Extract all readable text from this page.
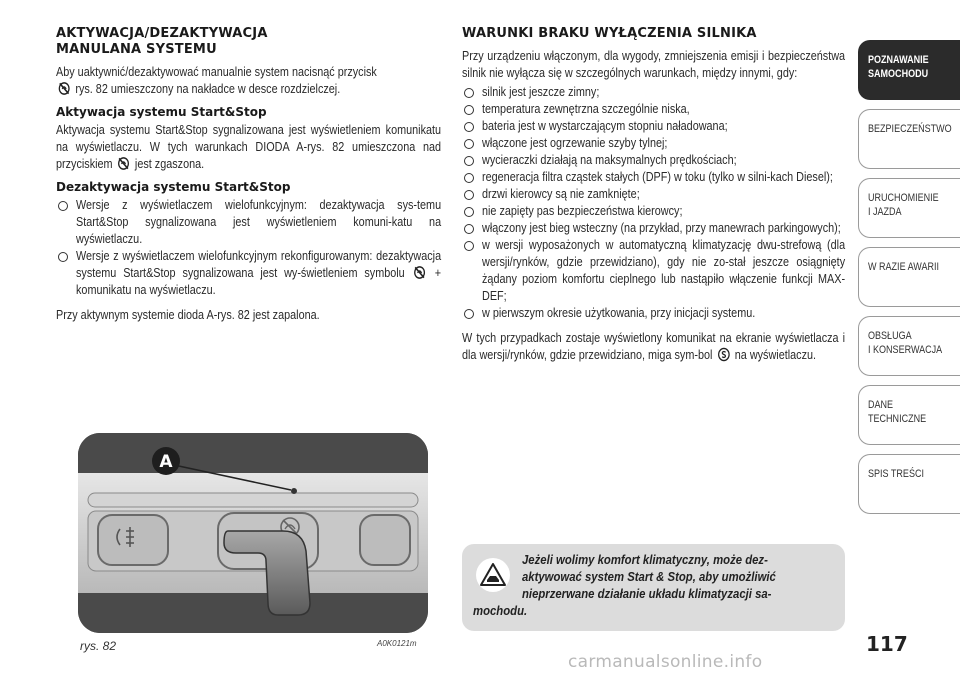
AKTYWACJA/DEZAKTYWACJA
MANULANA SYSTEMU

Aby uaktywnić/dezaktywować manualnie system nacisnąć przycisk
rys. 82 umieszczony na nakładce w desce rozdzielczej.

Aktywacja systemu Start&Stop

Aktywacja systemu Start&Stop sygnalizowana jest wyświetleniem komunikatu na wyświetlaczu. W tych warunkach DIODA A-rys. 82 umieszczona nad przyciskiem jest zgaszona.

Dezaktywacja systemu Start&Stop
Wersje z wyświetlaczem wielofunkcyjnym: dezaktywacja sys-temu Start&Stop sygnalizowana jest wyświetleniem komuni-katu na wyświetlaczu.
Wersje z wyświetlaczem wielofunkcyjnym rekonfigurowanym: dezaktywacja systemu Start&Stop sygnalizowana jest wy-świetleniem symbolu + komunikatu na wyświetlaczu.

Przy aktywnym systemie dioda A-rys. 82 jest zapalona.

A
rys. 82	A0K0121m
WARUNKI BRAKU WYŁĄCZENIA SILNIKA

Przy urządzeniu włączonym, dla wygody, zmniejszenia emisji i bezpieczeństwa silnik nie wyłącza się w szczególnych warunkach, między innymi, gdy:

silnik jest jeszcze zimny;
temperatura zewnętrzna szczególnie niska,
bateria jest w wystarczającym stopniu naładowana;
włączone jest ogrzewanie szyby tylnej;
wycieraczki działają na maksymalnych prędkościach;
regeneracja filtra cząstek stałych (DPF) w toku (tylko w silni-kach Diesel);
drzwi kierowcy są nie zamknięte;
nie zapięty pas bezpieczeństwa kierowcy;
włączony jest bieg wsteczny (na przykład, przy manewrach parkingowych);
w wersji wyposażonych w automatyczną klimatyzację dwu-strefową (dla wersji/rynków, gdzie przewidziano), gdy nie zo-stał jeszcze osiągnięty żądany poziom komfortu cieplnego lub nastąpiło włączenie funkcji MAX-DEF;
w pierwszym okresie użytkowania, przy inicjacji systemu.

W tych przypadkach zostaje wyświetlony komunikat na ekranie wyświetlacza i dla wersji/rynków, gdzie przewidziano, miga sym-bol na wyświetlaczu.

Jeżeli wolimy komfort klimatyczny, może dez-
aktywować system Start & Stop, aby umożliwić
nieprzerwane działanie układu klimatyzacji sa-
mochodu.
POZNAWANIE
SAMOCHODU
BEZPIECZEŃSTWO
URUCHOMIENIE
I JAZDA
W RAZIE AWARII
OBSŁUGA
I KONSERWACJA
DANE
TECHNICZNE
SPIS TREŚCI
117
carmanualsonline.info
